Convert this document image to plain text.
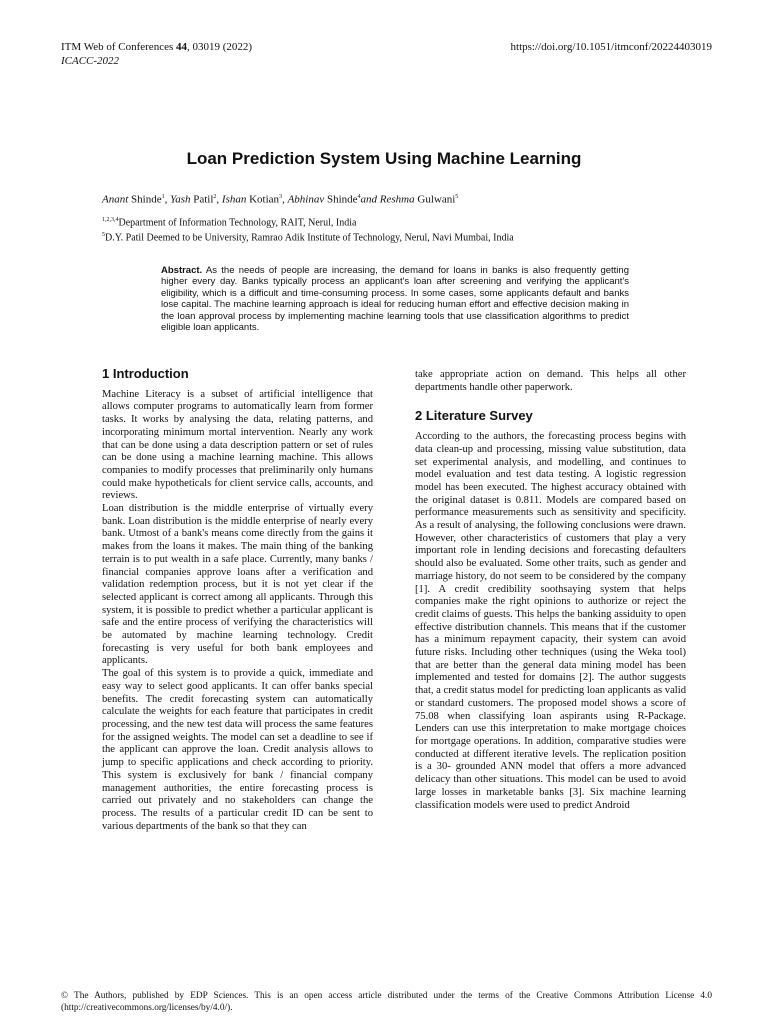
ITM Web of Conferences 44, 03019 (2022)
ICACC-2022
https://doi.org/10.1051/itmconf/20224403019
Loan Prediction System Using Machine Learning
Anant Shinde$^1$, Yash Patil$^2$, Ishan Kotian$^3$, Abhinav Shinde$^4$and Reshma Gulwani$^5$
$^{1,2,3,4}$Department of Information Technology, RAIT, Nerul, India
$^5$D.Y. Patil Deemed to be University, Ramrao Adik Institute of Technology, Nerul, Navi Mumbai, India

Abstract. As the needs of people are increasing, the demand for loans in banks is also frequently getting higher every day. Banks typically process an applicant's loan after screening and verifying the applicant's eligibility, which is a difficult and time-consuming process. In some cases, some applicants default and banks lose capital. The machine learning approach is ideal for reducing human effort and effective decision making in the loan approval process by implementing machine learning tools that use classification algorithms to predict eligible loan applicants.

1 Introduction

Machine Literacy is a subset of artificial intelligence that allows computer programs to automatically learn from former tasks. It works by analysing the data, relating patterns, and incorporating minimum mortal intervention. Nearly any work that can be done using a data description pattern or set of rules can be done using a machine learning machine. This allows companies to modify processes that preliminarily only humans could make hypotheticals for client service calls, accounts, and reviews.

Loan distribution is the middle enterprise of virtually every bank. Loan distribution is the middle enterprise of nearly every bank. Utmost of a bank's means come directly from the gains it makes from the loans it makes. The main thing of the banking terrain is to put wealth in a safe place. Currently, many banks / financial companies approve loans after a verification and validation redemption process, but it is not yet clear if the selected applicant is correct among all applicants. Through this system, it is possible to predict whether a particular applicant is safe and the entire process of verifying the characteristics will be automated by machine learning technology. Credit forecasting is very useful for both bank employees and applicants.

The goal of this system is to provide a quick, immediate and easy way to select good applicants. It can offer banks special benefits. The credit forecasting system can automatically calculate the weights for each feature that participates in credit processing, and the new test data will process the same features for the assigned weights. The model can set a deadline to see if the applicant can approve the loan. Credit analysis allows to jump to specific applications and check according to priority. This system is exclusively for bank / financial company management authorities, the entire forecasting process is carried out privately and no stakeholders can change the process. The results of a particular credit ID can be sent to various departments of the bank so that they can

take appropriate action on demand. This helps all other departments handle other paperwork.

2 Literature Survey

According to the authors, the forecasting process begins with data clean-up and processing, missing value substitution, data set experimental analysis, and modelling, and continues to model evaluation and test data testing. A logistic regression model has been executed. The highest accuracy obtained with the original dataset is 0.811. Models are compared based on performance measurements such as sensitivity and specificity. As a result of analysing, the following conclusions were drawn. However, other characteristics of customers that play a very important role in lending decisions and forecasting defaulters should also be evaluated. Some other traits, such as gender and marriage history, do not seem to be considered by the company [1]. A credit credibility soothsaying system that helps companies make the right opinions to authorize or reject the credit claims of guests. This helps the banking assiduity to open effective distribution channels. This means that if the customer has a minimum repayment capacity, their system can avoid future risks. Including other techniques (using the Weka tool) that are better than the general data mining model has been implemented and tested for domains [2]. The author suggests that, a credit status model for predicting loan applicants as valid or standard customers. The proposed model shows a score of 75.08 when classifying loan aspirants using R-Package. Lenders can use this interpretation to make mortgage choices for mortgage operations. In addition, comparative studies were conducted at different iterative levels. The replication position is a 30- grounded ANN model that offers a more advanced delicacy than other situations. This model can be used to avoid large losses in marketable banks [3]. Six machine learning classification models were used to predict Android

© The Authors, published by EDP Sciences. This is an open access article distributed under the terms of the Creative Commons Attribution License 4.0 (http://creativecommons.org/licenses/by/4.0/).
